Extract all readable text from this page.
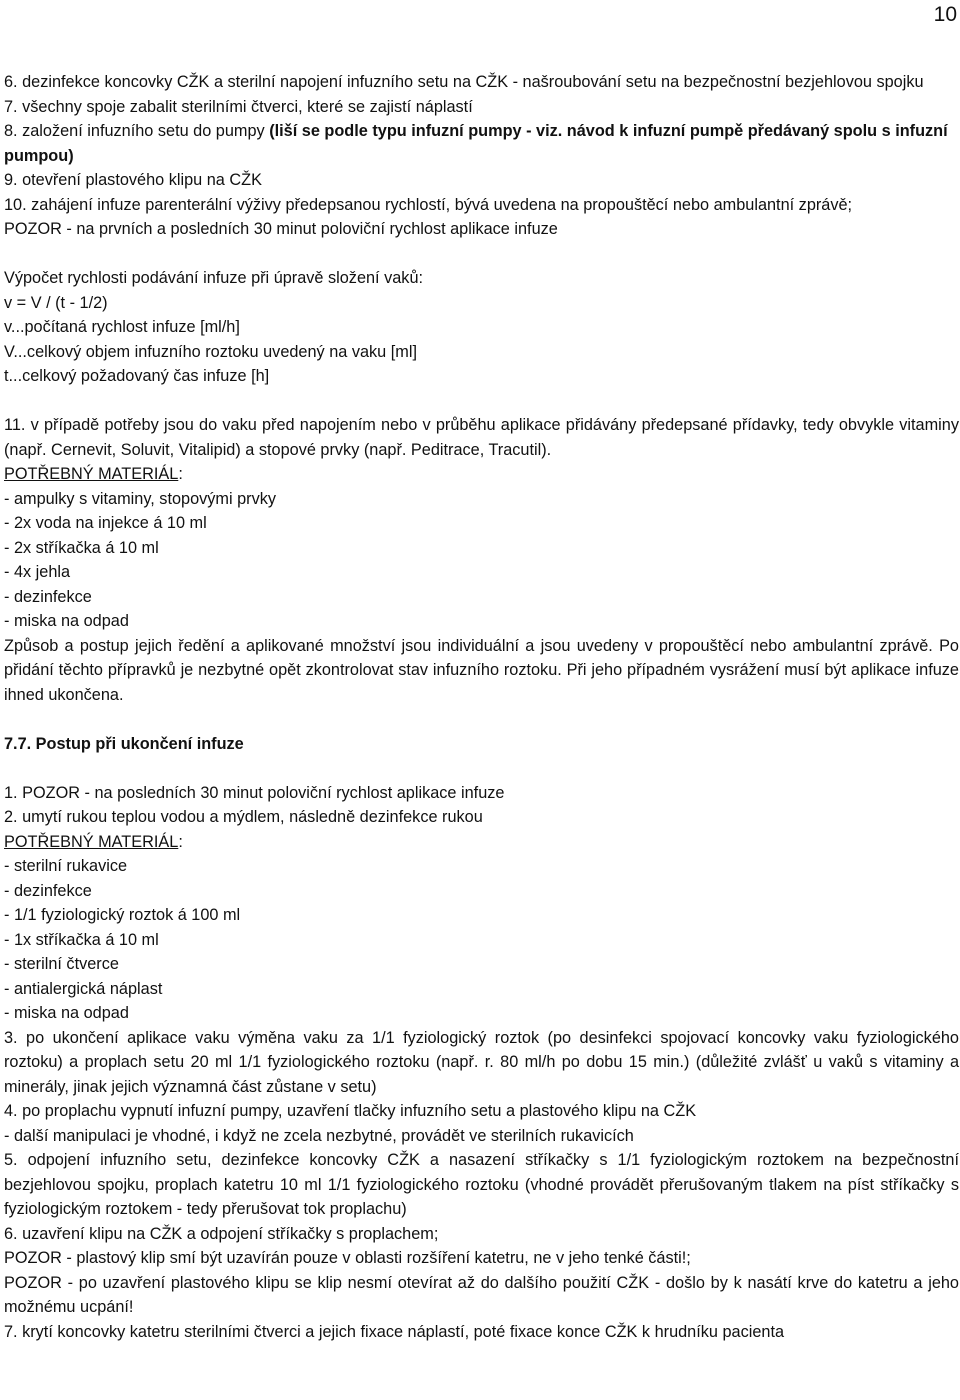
10

6. dezinfekce koncovky CŽK a sterilní napojení infuzního setu na CŽK - našroubování setu na bezpečnostní bezjehlovou spojku

7. všechny spoje zabalit sterilními čtverci, které se zajistí náplastí

8. založení infuzního setu do pumpy (liší se podle typu infuzní pumpy - viz. návod k infuzní pumpě předávaný spolu s infuzní pumpou)

9. otevření plastového klipu na CŽK

10. zahájení infuze parenterální výživy předepsanou rychlostí, bývá uvedena na propouštěcí nebo ambulantní zprávě;

POZOR - na prvních a posledních 30 minut poloviční rychlost aplikace infuze

Výpočet rychlosti podávání infuze při úpravě složení vaků:

v = V / (t - 1/2)

v...počítaná rychlost infuze [ml/h]

V...celkový objem infuzního roztoku uvedený na vaku [ml]

t...celkový požadovaný čas infuze [h]

11. v případě potřeby jsou do vaku před napojením nebo v průběhu aplikace přidávány předepsané přídavky, tedy obvykle vitaminy (např. Cernevit, Soluvit, Vitalipid) a stopové prvky (např. Peditrace, Tracutil).

POTŘEBNÝ MATERIÁL:

- ampulky s vitaminy, stopovými prvky

- 2x voda na injekce á 10 ml

- 2x stříkačka á 10 ml

- 4x jehla

- dezinfekce

- miska na odpad

Způsob a postup jejich ředění a aplikované množství jsou individuální a jsou uvedeny v propouštěcí nebo ambulantní zprávě. Po přidání těchto přípravků je nezbytné opět zkontrolovat stav infuzního roztoku. Při jeho případném vysrážení musí být aplikace infuze ihned ukončena.

7.7. Postup při ukončení infuze

1. POZOR - na posledních 30 minut poloviční rychlost aplikace infuze

2. umytí rukou teplou vodou a mýdlem, následně dezinfekce rukou

POTŘEBNÝ MATERIÁL:

- sterilní rukavice

- dezinfekce

- 1/1 fyziologický roztok á 100 ml

- 1x stříkačka á 10 ml

- sterilní čtverce

- antialergická náplast

- miska na odpad

3. po ukončení aplikace vaku výměna vaku za 1/1 fyziologický roztok (po desinfekci spojovací koncovky vaku fyziologického roztoku) a proplach setu 20 ml 1/1 fyziologického roztoku (např. r. 80 ml/h po dobu 15 min.) (důležité zvlášť u vaků s vitaminy a minerály, jinak jejich významná část zůstane v setu)

4. po proplachu vypnutí infuzní pumpy, uzavření tlačky infuzního setu a plastového klipu na CŽK

- další manipulaci je vhodné, i když ne zcela nezbytné, provádět ve sterilních rukavicích

5. odpojení infuzního setu, dezinfekce koncovky CŽK a nasazení stříkačky s 1/1 fyziologickým roztokem na bezpečnostní bezjehlovou spojku, proplach katetru 10 ml 1/1 fyziologického roztoku (vhodné provádět přerušovaným tlakem na píst stříkačky s fyziologickým roztokem - tedy přerušovat tok proplachu)

6. uzavření klipu na CŽK a odpojení stříkačky s proplachem;

POZOR - plastový klip smí být uzavírán pouze v oblasti rozšíření katetru, ne v jeho tenké části!;

POZOR - po uzavření plastového klipu se klip nesmí otevírat až do dalšího použití CŽK - došlo by k nasátí krve do katetru a jeho možnému ucpání!

7. krytí koncovky katetru sterilními čtverci a jejich fixace náplastí, poté fixace konce CŽK k hrudníku pacienta
